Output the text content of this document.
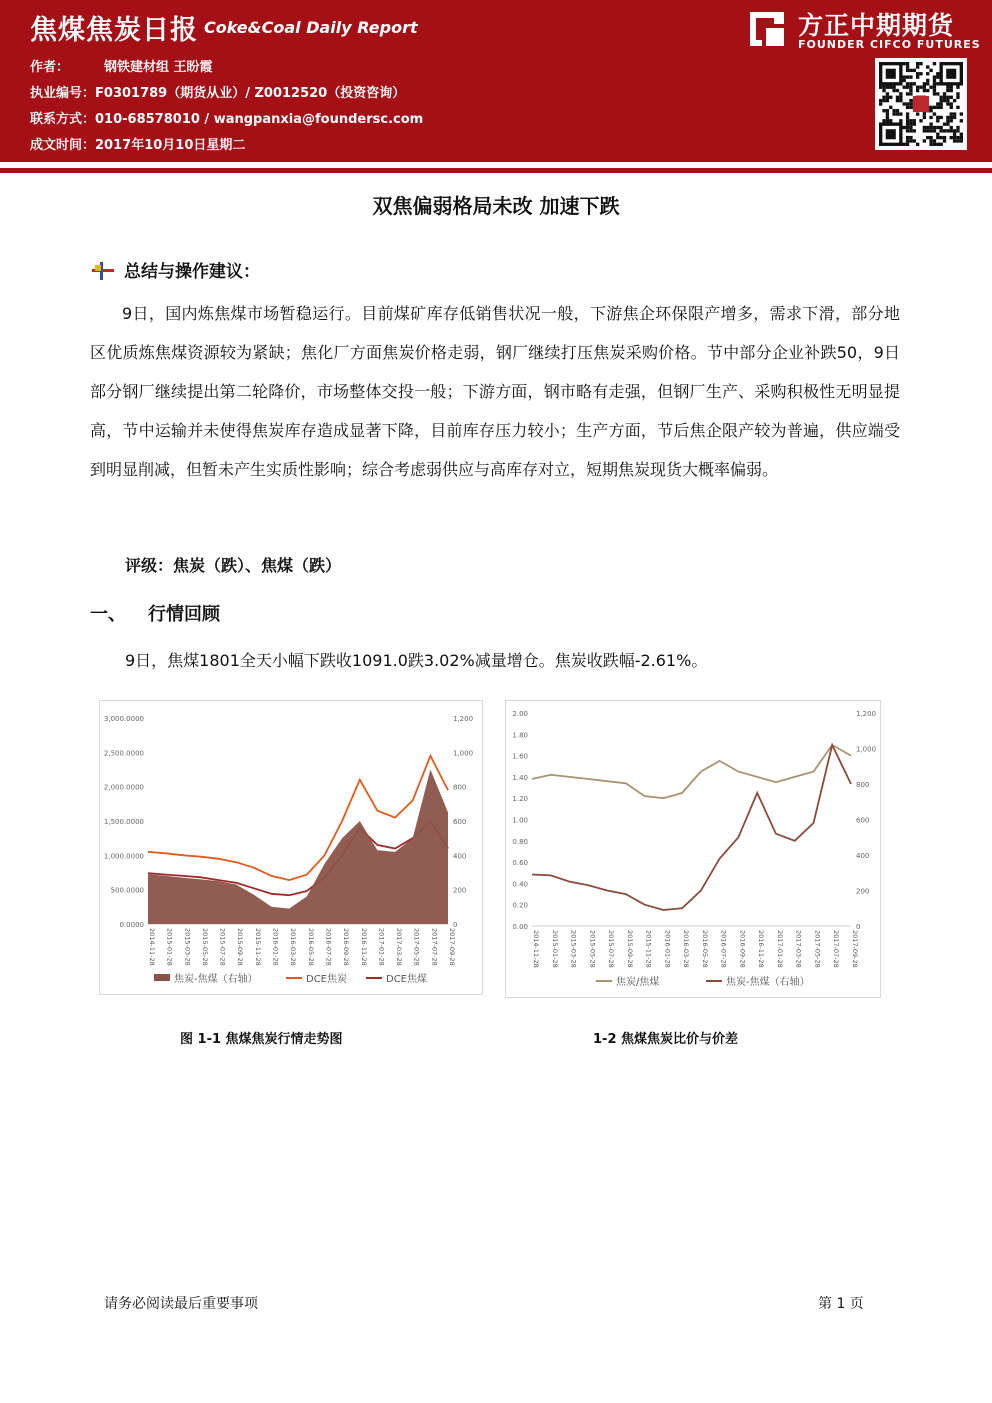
焦煤焦炭日报 Coke&Coal Daily Report
作者：	钢铁建材组 王盼霞
执业编号：F0301789（期货从业）/ Z0012520（投资咨询）
联系方式：010-68578010 / wangpanxia@foundersc.com
成文时间：2017年10月10日星期二
方正中期期货
FOUNDER CIFCO FUTURES
双焦偏弱格局未改 加速下跌
总结与操作建议：

9日，国内炼焦煤市场暂稳运行。目前煤矿库存低销售状况一般，下游焦企环保限产增多，需求下滑，部分地区优质炼焦煤资源较为紧缺；焦化厂方面焦炭价格走弱，钢厂继续打压焦炭采购价格。节中部分企业补跌50，9日部分钢厂继续提出第二轮降价，市场整体交投一般；下游方面，钢市略有走强，但钢厂生产、采购积极性无明显提高，节中运输并未使得焦炭库存造成显著下降，目前库存压力较小；生产方面，节后焦企限产较为普遍，供应端受到明显削减，但暂未产生实质性影响；综合考虑弱供应与高库存对立，短期焦炭现货大概率偏弱。

评级：焦炭（跌）、焦煤（跌）
一、 行情回顾
9日，焦煤1801全天小幅下跌收1091.0跌3.02%减量增仓。焦炭收跌幅-2.61%。
3,000.0000
2,500.0000
2,000.0000
1,500.0000
1,000.0000
500.0000
0.0000
1,200
1,000
800
600
400
200
0
2014-11-28 2015-01-28 2015-03-28 2015-05-28 2015-07-28 2015-09-28 2015-11-28 2016-01-28 2016-03-28 2016-05-28 2016-07-28 2016-09-28 2016-11-28 2017-01-28 2017-03-28 2017-05-28 2017-07-28 2017-09-28
焦炭-焦煤（右轴）	DCE焦炭	DCE焦煤
2.00
1.80
1.60
1.40
1.20
1.00
0.80
0.60
0.40
0.20
0.00
1,200
1,000
800
600
400
200
0
2014-11-28 2015-01-28 2015-03-28 2015-05-28 2015-07-28 2015-09-28 2015-11-28 2016-01-28 2016-03-28 2016-05-28 2016-07-28 2016-09-28 2016-11-28 2017-01-28 2017-03-28 2017-05-28 2017-07-28 2017-09-28
焦炭/焦煤	焦炭-焦煤（右轴）
图 1-1 焦煤焦炭行情走势图	1-2 焦煤焦炭比价与价差
请务必阅读最后重要事项	第 1 页
